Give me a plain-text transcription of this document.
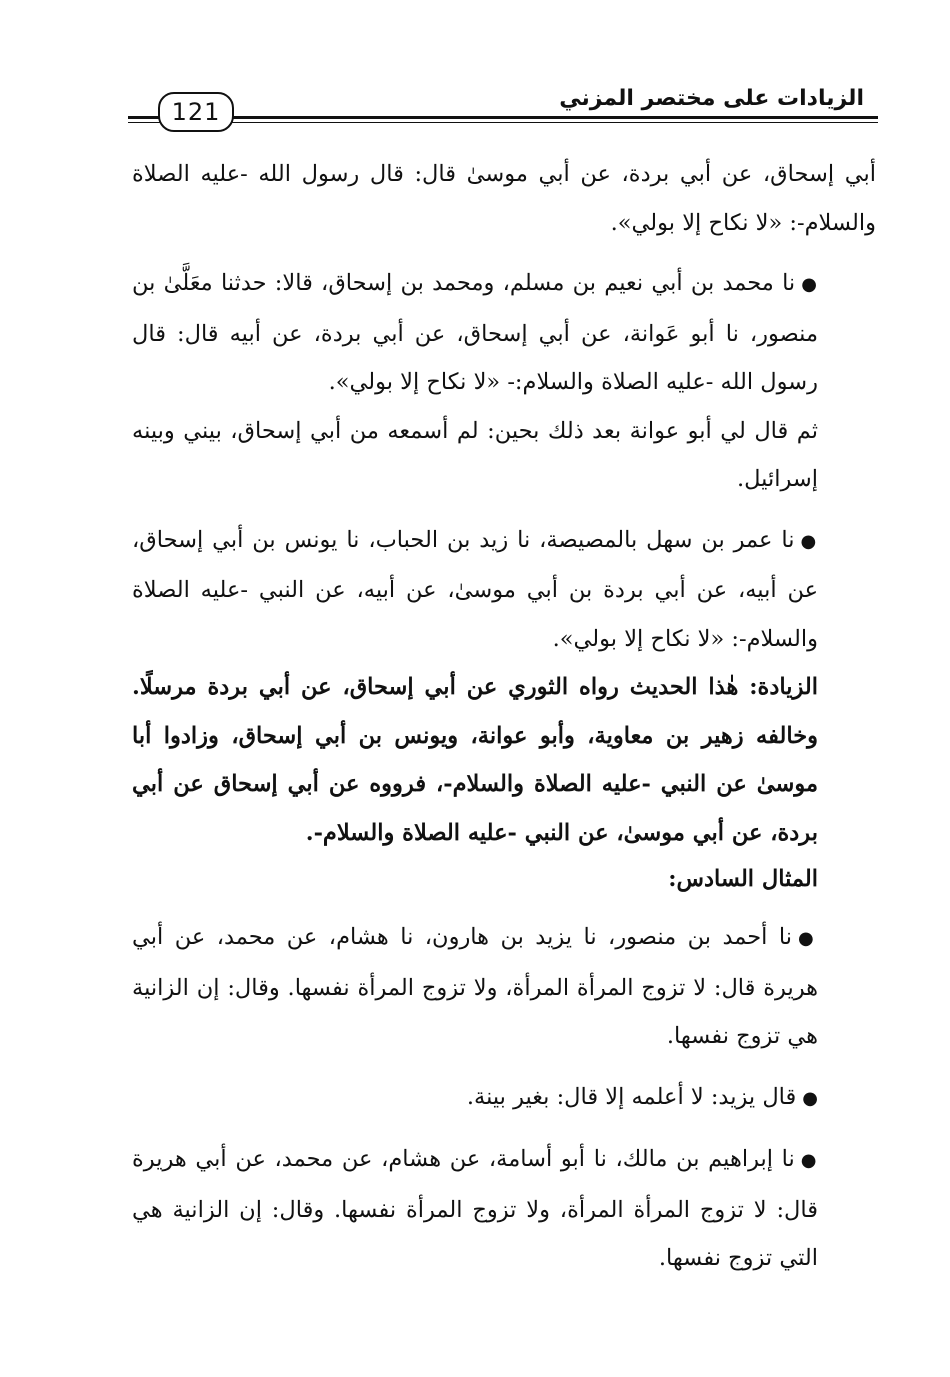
الزيادات على مختصر المزني
121

أبي إسحاق، عن أبي بردة، عن أبي موسىٰ قال: قال رسول الله -عليه الصلاة والسلام-: «لا نكاح إلا بولي».

●نا محمد بن أبي نعيم بن مسلم، ومحمد بن إسحاق، قالا: حدثنا معَلَّىٰ بن منصور، نا أبو عَوانة، عن أبي إسحاق، عن أبي بردة، عن أبيه قال: قال رسول الله -عليه الصلاة والسلام:- «لا نكاح إلا بولي».

ثم قال لي أبو عوانة بعد ذلك بحين: لم أسمعه من أبي إسحاق، بيني وبينه إسرائيل.

●نا عمر بن سهل بالمصيصة، نا زيد بن الحباب، نا يونس بن أبي إسحاق، عن أبيه، عن أبي بردة بن أبي موسىٰ، عن أبيه، عن النبي -عليه الصلاة والسلام-: «لا نكاح إلا بولي».

الزيادة: هٰذا الحديث رواه الثوري عن أبي إسحاق، عن أبي بردة مرسلًا. وخالفه زهير بن معاوية، وأبو عوانة، ويونس بن أبي إسحاق، وزادوا أبا موسىٰ عن النبي -عليه الصلاة والسلام-، فرووه عن أبي إسحاق عن أبي بردة، عن أبي موسىٰ، عن النبي -عليه الصلاة والسلام-.

المثال السادس:

●نا أحمد بن منصور، نا يزيد بن هارون، نا هشام، عن محمد، عن أبي هريرة قال: لا تزوج المرأة المرأة، ولا تزوج المرأة نفسها. وقال: إن الزانية هي تزوج نفسها.

●قال يزيد: لا أعلمه إلا قال: بغير بينة.

●نا إبراهيم بن مالك، نا أبو أسامة، عن هشام، عن محمد، عن أبي هريرة قال: لا تزوج المرأة المرأة، ولا تزوج المرأة نفسها. وقال: إن الزانية هي التي تزوج نفسها.
